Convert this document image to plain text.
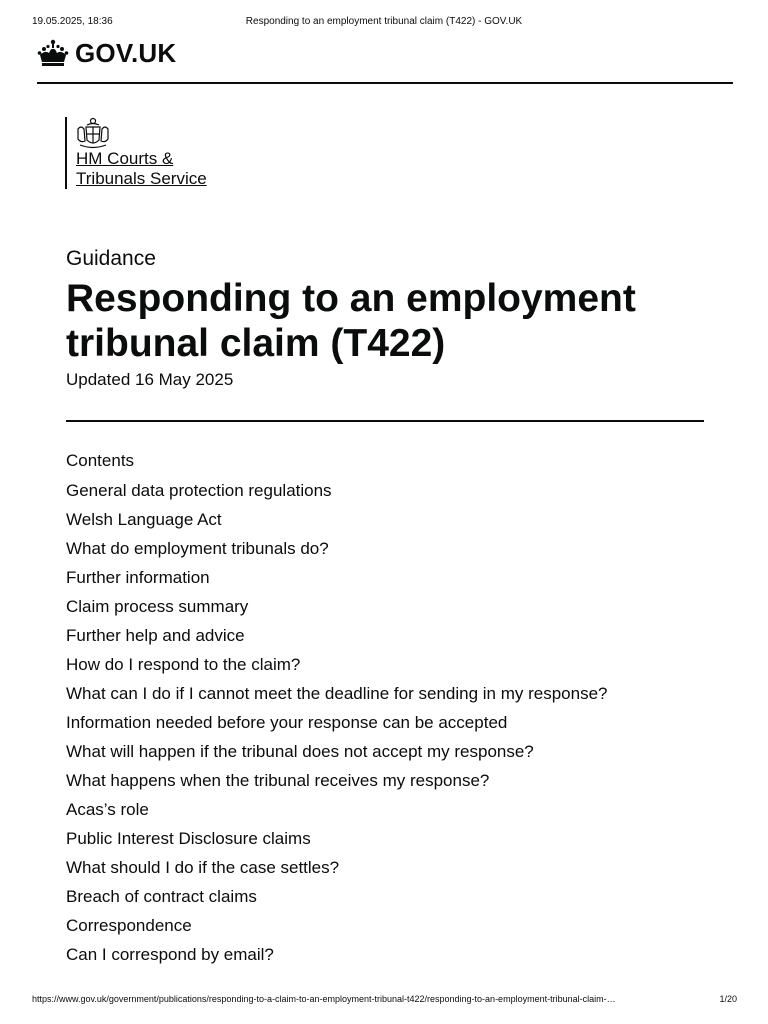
19.05.2025, 18:36	Responding to an employment tribunal claim (T422) - GOV.UK
GOV.UK
HM Courts &
Tribunals Service
Guidance
Responding to an employment tribunal claim (T422)
Updated 16 May 2025
Contents
General data protection regulations
Welsh Language Act
What do employment tribunals do?
Further information
Claim process summary
Further help and advice
How do I respond to the claim?
What can I do if I cannot meet the deadline for sending in my response?
Information needed before your response can be accepted
What will happen if the tribunal does not accept my response?
What happens when the tribunal receives my response?
Acas’s role
Public Interest Disclosure claims
What should I do if the case settles?
Breach of contract claims
Correspondence
Can I correspond by email?
https://www.gov.uk/government/publications/responding-to-a-claim-to-an-employment-tribunal-t422/responding-to-an-employment-tribunal-claim-…	1/20
